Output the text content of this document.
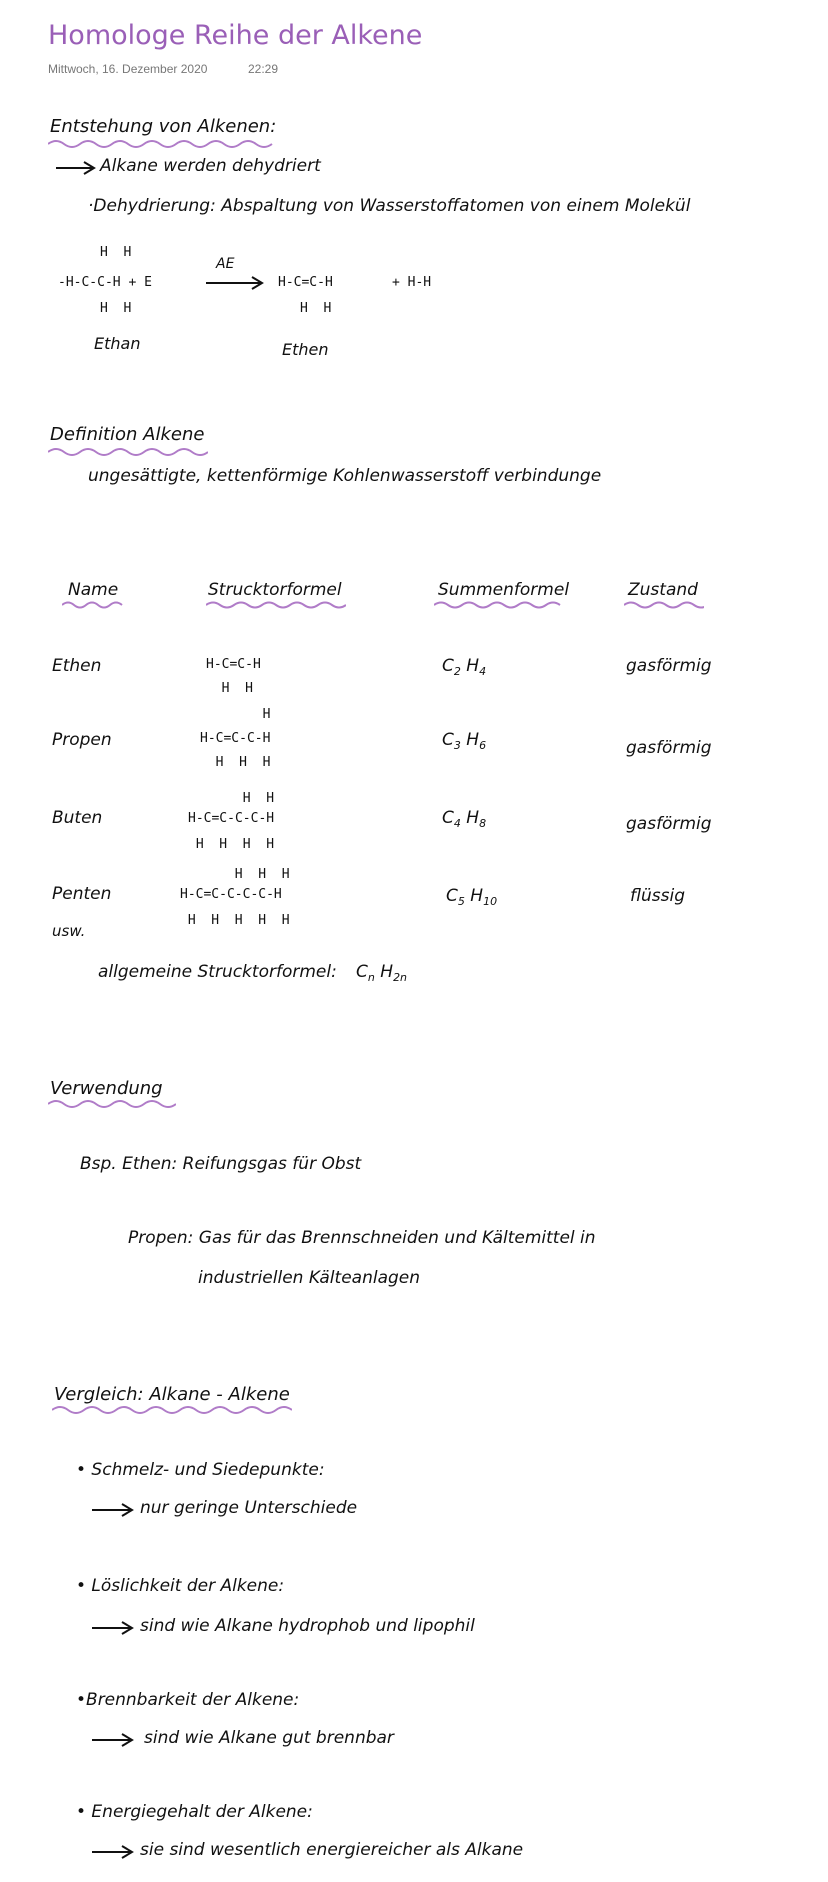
Homologe Reihe der Alkene
Mittwoch, 16. Dezember 2020	22:29
Entstehung von Alkenen:
Alkane werden dehydriert
·Dehydrierung: Abspaltung von Wasserstoffatomen von einem Molekül
H  H
-H-C-C-H + E
H  H
AE
→ H-C=C-H
H  H
+ H-H
Ethan	Ethen
Definition Alkene
ungesättigte, kettenförmige Kohlenwasserstoff verbindunge
Name	Strucktorformel	Summenformel	Zustand
Ethen	H-C=C-H
H  H
$C_2$ $H_4$	gasförmig
Propen
H
H-C=C-C-H
H  H  H
$C_3$ $H_6$	gasförmig
Buten
H  H
H-C=C-C-C-H
H  H  H  H
$C_4$ $H_8$	gasförmig
Penten
H  H  H
H-C=C-C-C-C-H
H  H  H  H  H
$C_5$ $H_{10}$	flüssig
usw.
allgemeine Strucktorformel: $C_n$ $H_{2n}$
Verwendung
Bsp. Ethen: Reifungsgas für Obst
Propen: Gas für das Brennschneiden und Kältemittel in
industriellen Kälteanlagen
Vergleich: Alkane - Alkene
• Schmelz- und Siedepunkte:
nur geringe Unterschiede
• Löslichkeit der Alkene:
sind wie Alkane hydrophob und lipophil
•Brennbarkeit der Alkene:
sind wie Alkane gut brennbar
• Energiegehalt der Alkene:
sie sind wesentlich energiereicher als Alkane
